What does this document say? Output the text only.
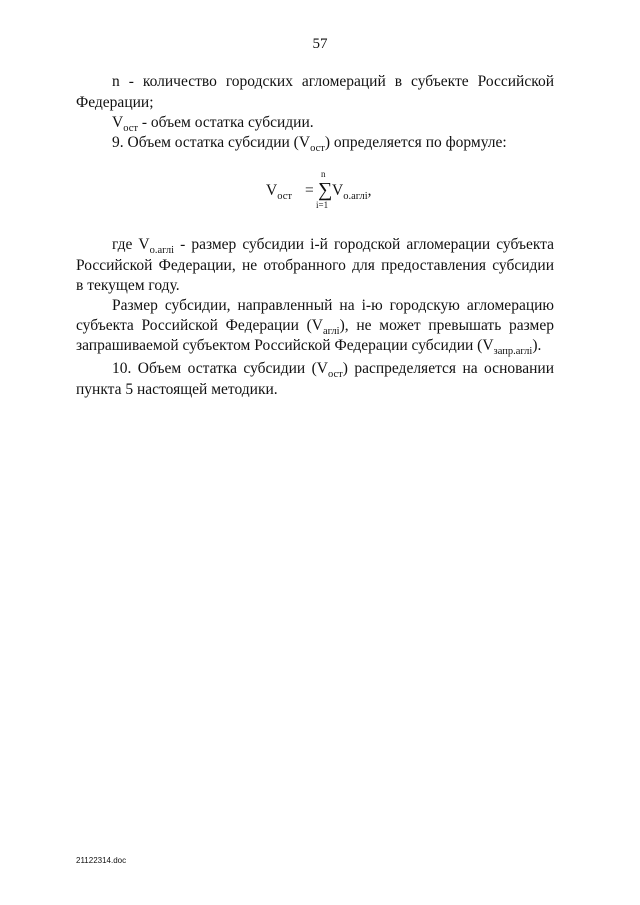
57
n - количество городских агломераций в субъекте Российской
Федерации;
$V_{ост}$ - объем остатка субсидии.
9. Объем остатка субсидии $(V_{ост})$ определяется по формуле:
$V_{ост}$ =
n
∑
i=1
$V_{о.аглi}$,
где $V_{о.аглi}$ - размер субсидии i-й городской агломерации субъекта
Российской Федерации, не отобранного для предоставления субсидии
в текущем году.
Размер субсидии, направленный на i-ю городскую агломерацию
субъекта Российской Федерации $(V_{аглi})$, не может превышать размер
запрашиваемой субъектом Российской Федерации субсидии $(V_{запр.аглi})$.
10. Объем остатка субсидии $(V_{ост})$ распределяется на основании
пункта 5 настоящей методики.
21122314.doc
